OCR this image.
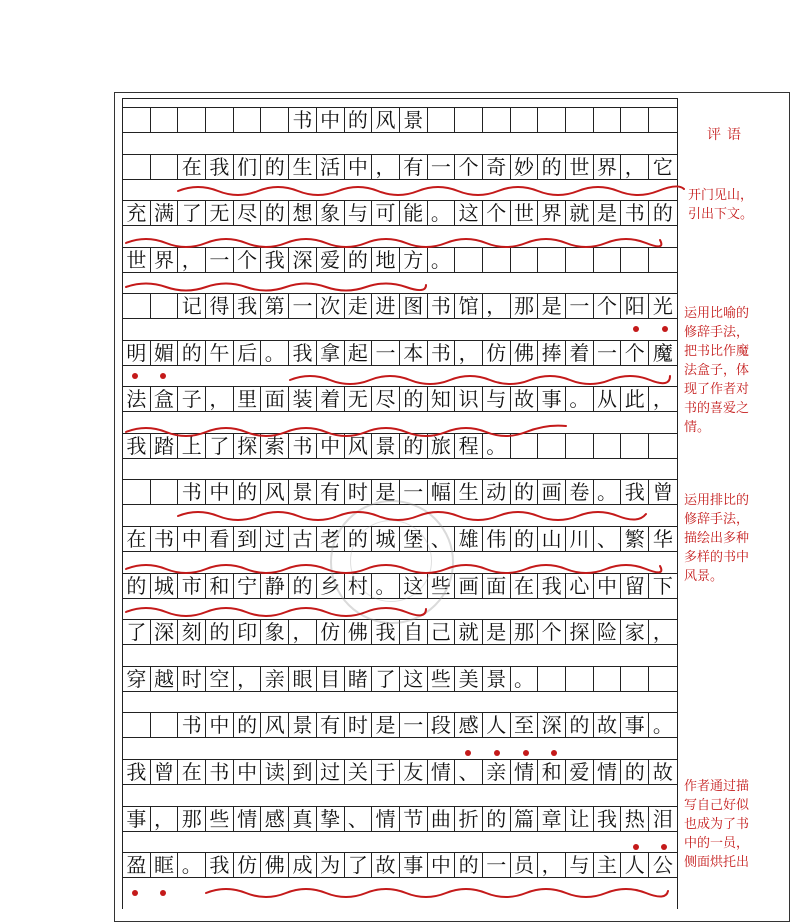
书 中 的 风 景
在 我 们 的 生 活 中 ， 有 一 个 奇 妙 的 世 界 ， 它
充 满 了 无 尽 的 想 象 与 可 能 。 这 个 世 界 就 是 书 的
世 界 ， 一 个 我 深 爱 的 地 方 。
记 得 我 第 一 次 走 进 图 书 馆 ， 那 是 一 个 阳 光
明 媚 的 午 后 。 我 拿 起 一 本 书 ， 仿 佛 捧 着 一 个 魔
法 盒 子 ， 里 面 装 着 无 尽 的 知 识 与 故 事 。 从 此 ，
我 踏 上 了 探 索 书 中 风 景 的 旅 程 。
书 中 的 风 景 有 时 是 一 幅 生 动 的 画 卷 。 我 曾
在 书 中 看 到 过 古 老 的 城 堡 、 雄 伟 的 山 川 、 繁 华
的 城 市 和 宁 静 的 乡 村 。 这 些 画 面 在 我 心 中 留 下
了 深 刻 的 印 象 ， 仿 佛 我 自 己 就 是 那 个 探 险 家 ，
穿 越 时 空 ， 亲 眼 目 睹 了 这 些 美 景 。
书 中 的 风 景 有 时 是 一 段 感 人 至 深 的 故 事 。
我 曾 在 书 中 读 到 过 关 于 友 情 、 亲 情 和 爱 情 的 故
事 ， 那 些 情 感 真 挚 、 情 节 曲 折 的 篇 章 让 我 热 泪
盈 眶 。 我 仿 佛 成 为 了 故 事 中 的 一 员 ， 与 主 人 公
评语
开门见山，
引出下文。
运用比喻的
修辞手法，
把书比作魔
法盒子，体
现了作者对
书的喜爱之
情。
运用排比的
修辞手法，
描绘出多种
多样的书中
风景。
作者通过描
写自己好似
也成为了书
中的一员，
侧面烘托出
